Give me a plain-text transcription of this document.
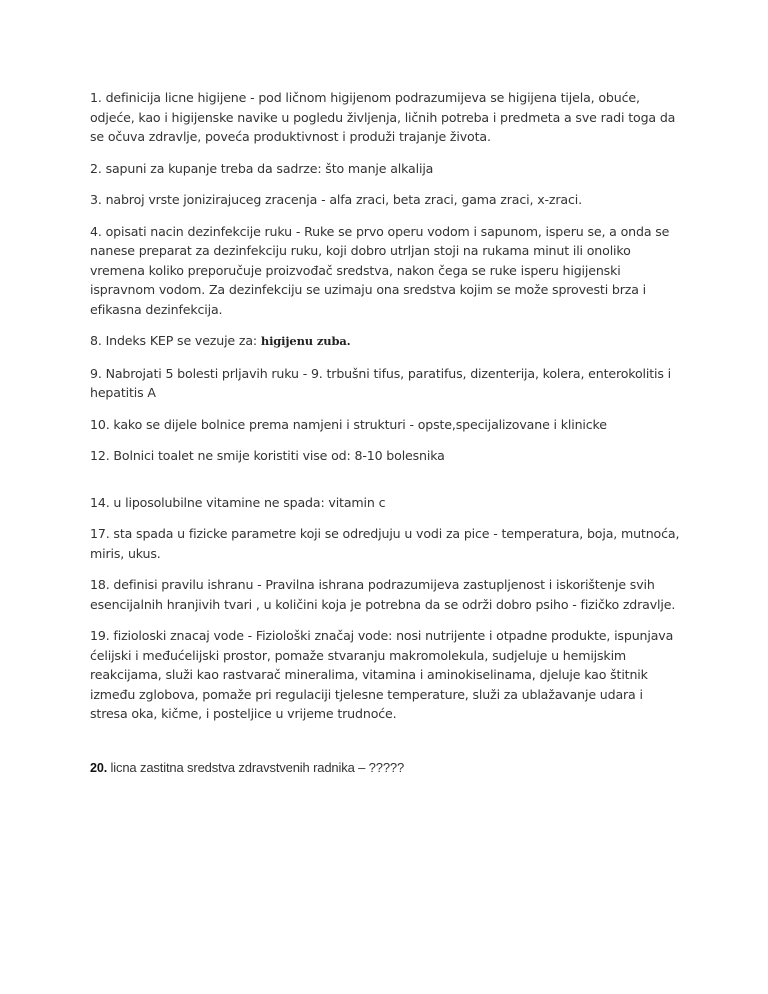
1. definicija licne higijene - pod ličnom higijenom podrazumijeva se higijena tijela, obuće, odjeće, kao i higijenske navike u pogledu življenja, ličnih potreba i predmeta a sve radi toga da se očuva zdravlje, poveća produktivnost i produži trajanje života.

2. sapuni za kupanje treba da sadrze: što manje alkalija

3. nabroj vrste jonizirajuceg zracenja - alfa zraci, beta zraci, gama zraci, x-zraci.

4. opisati nacin dezinfekcije ruku - Ruke se prvo operu vodom i sapunom, isperu se, a onda se nanese preparat za dezinfekciju ruku, koji dobro utrljan stoji na rukama minut ili onoliko vremena koliko preporučuje proizvođač sredstva, nakon čega se ruke isperu higijenski ispravnom vodom. Za dezinfekciju se uzimaju ona sredstva kojim se može sprovesti brza i efikasna dezinfekcija.

8. Indeks KEP se vezuje za: higijenu zuba.

9. Nabrojati 5 bolesti prljavih ruku - 9. trbušni tifus, paratifus, dizenterija, kolera, enterokolitis i hepatitis A

10. kako se dijele bolnice prema namjeni i strukturi - opste,specijalizovane i klinicke

12. Bolnici toalet ne smije koristiti vise od: 8-10 bolesnika

14. u liposolubilne vitamine ne spada: vitamin c

17. sta spada u fizicke parametre koji se odredjuju u vodi za pice - temperatura, boja, mutnoća, miris, ukus.

18. definisi pravilu ishranu - Pravilna ishrana podrazumijeva zastupljenost i iskorištenje svih esencijalnih hranjivih tvari , u količini koja je potrebna da se održi dobro psiho - fizičko zdravlje.

19. fizioloski znacaj vode - Fiziološki značaj vode: nosi nutrijente i otpadne produkte, ispunjava ćelijski i međućelijski prostor, pomaže stvaranju makromolekula, sudjeluje u hemijskim reakcijama, služi kao rastvarač mineralima, vitamina i aminokiselinama, djeluje kao štitnik između zglobova, pomaže pri regulaciji tjelesne temperature, služi za ublažavanje udara i stresa oka, kičme, i posteljice u vrijeme trudnoće.

20. licna zastitna sredstva zdravstvenih radnika – ?????
